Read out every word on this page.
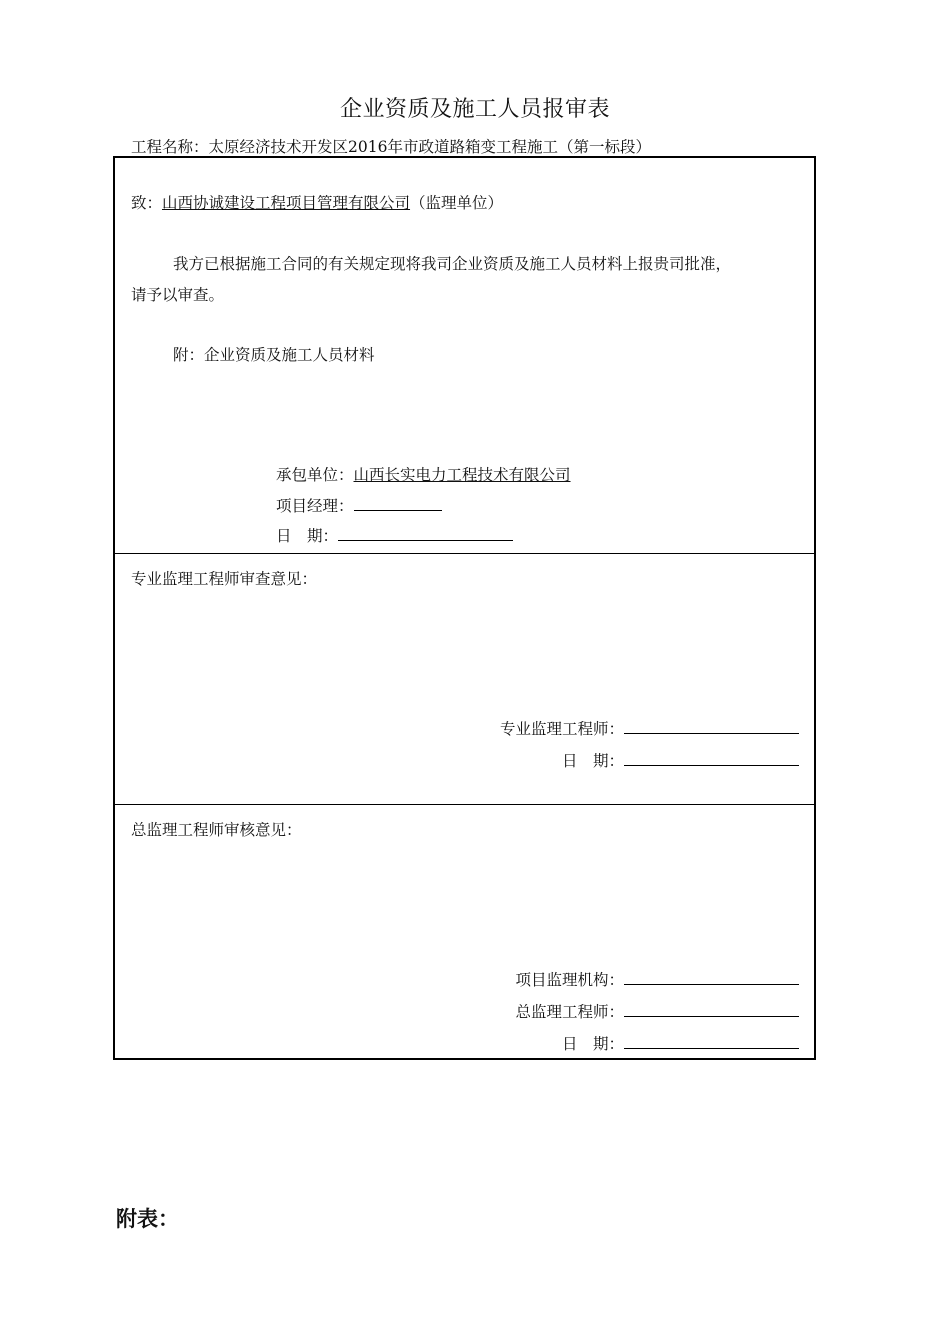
企业资质及施工人员报审表
工程名称：太原经济技术开发区2016年市政道路箱变工程施工（第一标段）
致：山西协诚建设工程项目管理有限公司（监理单位）
我方已根据施工合同的有关规定现将我司企业资质及施工人员材料上报贵司批准，
请予以审查。
附：企业资质及施工人员材料
承包单位：山西长实电力工程技术有限公司
项目经理：
日　期：
专业监理工程师审查意见：
专业监理工程师：
日　期：
总监理工程师审核意见：
项目监理机构：
总监理工程师：
日　期：
附表：
